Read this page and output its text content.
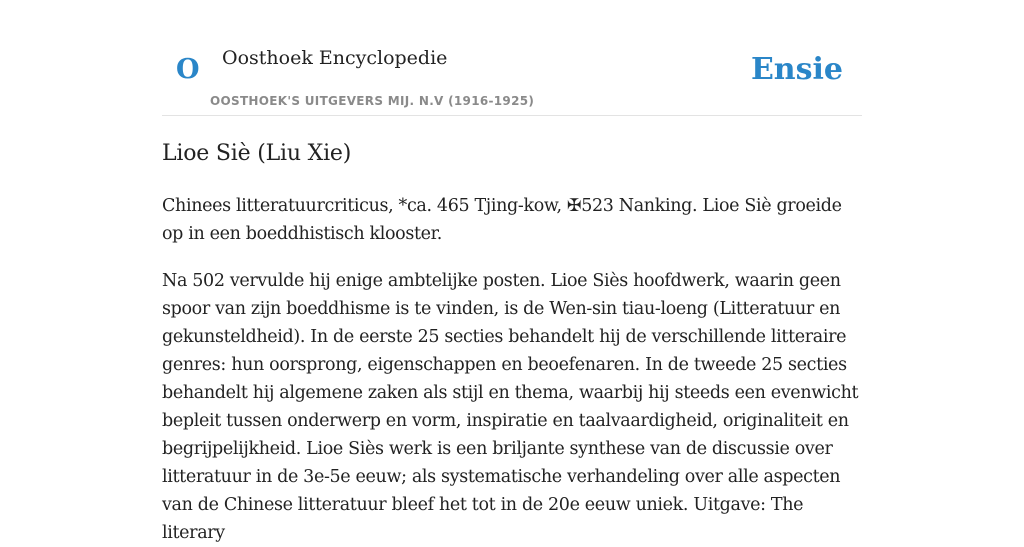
O Oosthoek Encyclopedie
OOSTHOEK'S UITGEVERS MIJ. N.V (1916-1925)
Ensie
Lioe Siè (Liu Xie)

Chinees litteratuurcriticus, *ca. 465 Tjing-kow, ✠523 Nanking. Lioe Siè groeide op in een boeddhistisch klooster.

Na 502 vervulde hij enige ambtelijke posten. Lioe Siès hoofdwerk, waarin geen spoor van zijn boeddhisme is te vinden, is de Wen-sin tiau-loeng (Litteratuur en gekunsteldheid). In de eerste 25 secties behandelt hij de verschillende litteraire genres: hun oorsprong, eigenschappen en beoefenaren. In de tweede 25 secties behandelt hij algemene zaken als stijl en thema, waarbij hij steeds een evenwicht bepleit tussen onderwerp en vorm, inspiratie en taalvaardigheid, originaliteit en begrijpelijkheid. Lioe Siès werk is een briljante synthese van de discussie over litteratuur in de 3e-5e eeuw; als systematische verhandeling over alle aspecten van de Chinese litteratuur bleef het tot in de 20e eeuw uniek. Uitgave: The literary
